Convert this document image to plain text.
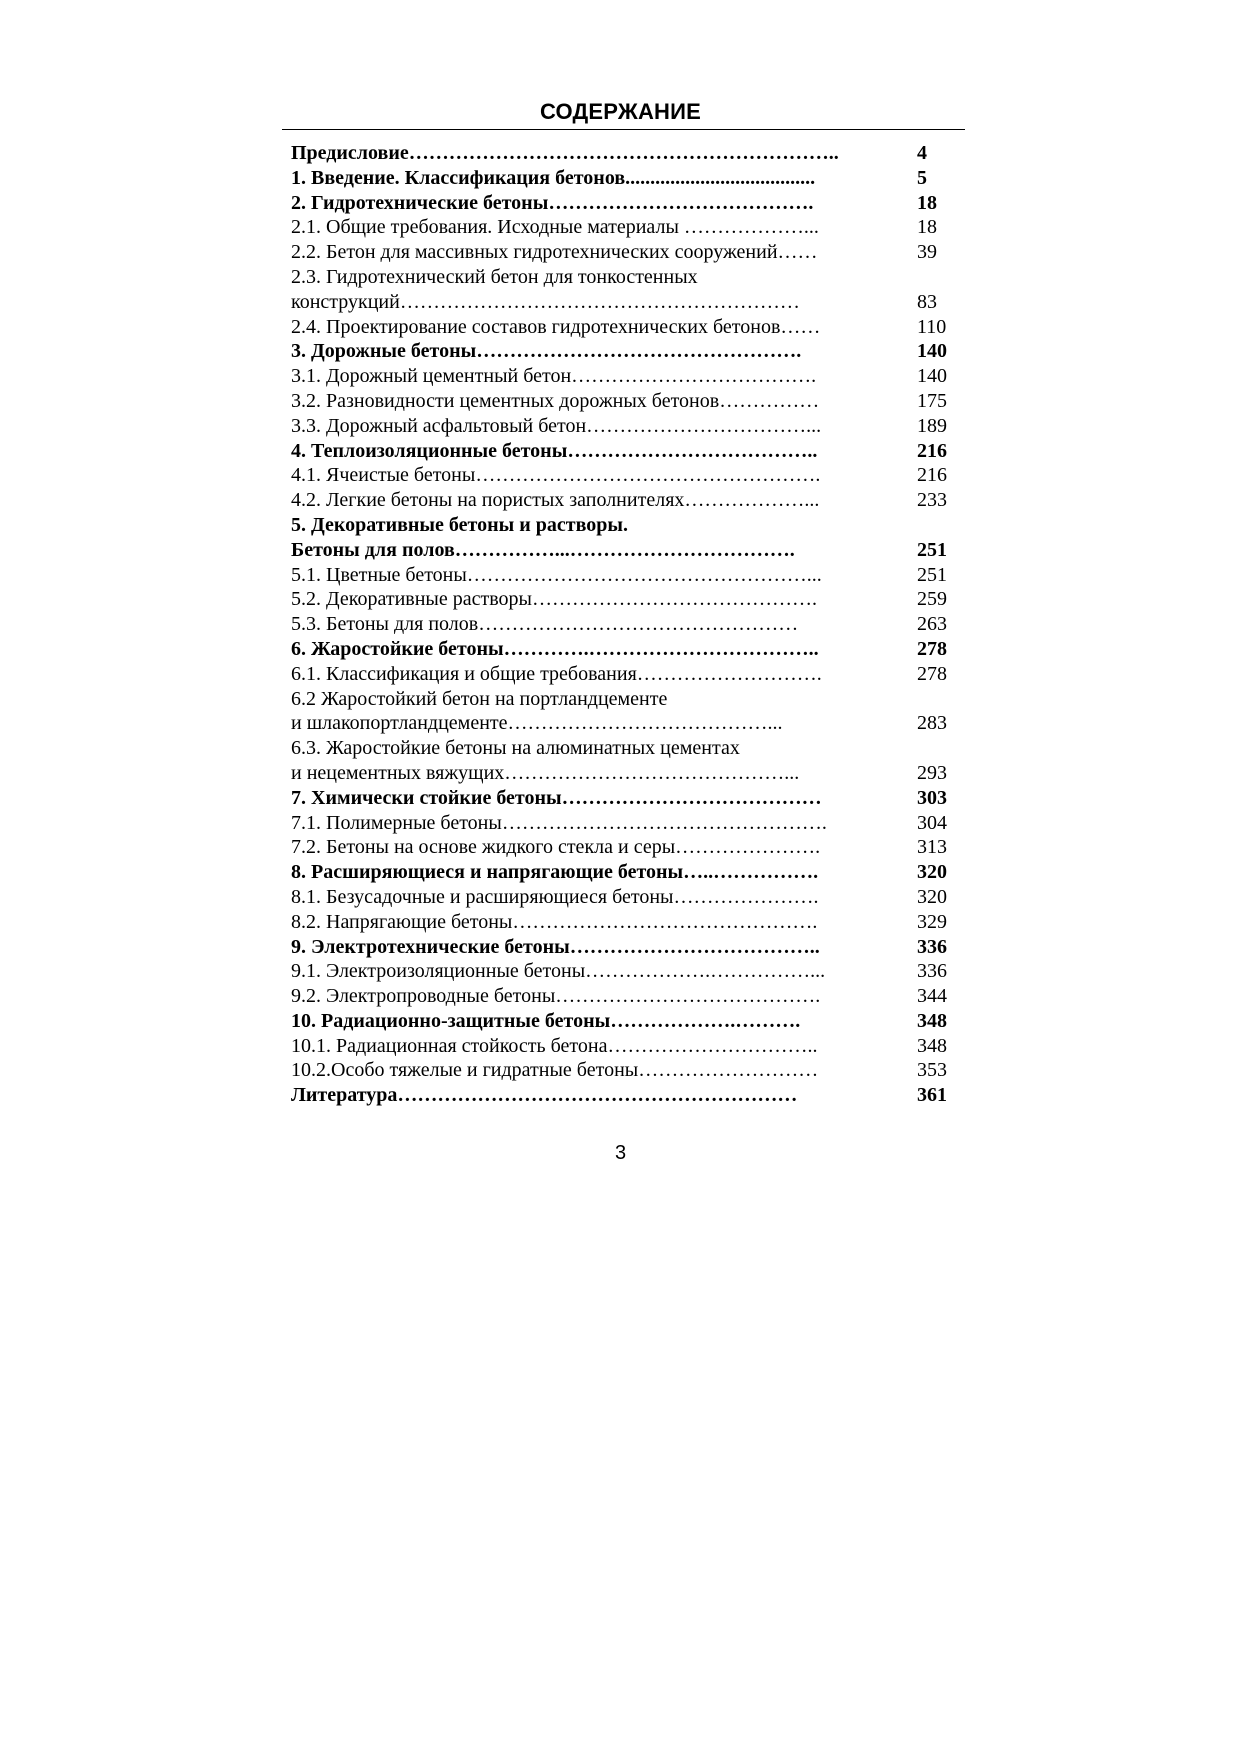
СОДЕРЖАНИЕ
Предисловие………………………………………………………..	4
1. Введение. Классификация бетонов......................................	5
2. Гидротехнические бетоны………………………………….	18
2.1. Общие требования. Исходные материалы ………………...	18
2.2. Бетон для массивных гидротехнических сооружений……	39
2.3. Гидротехнический бетон для тонкостенных
конструкций……………………………………………………	83
2.4. Проектирование составов гидротехнических бетонов……	110
3. Дорожные бетоны………………………………………….	140
3.1. Дорожный цементный бетон……………………………….	140
3.2. Разновидности цементных дорожных бетонов……………	175
3.3. Дорожный асфальтовый бетон……………………………...	189
4. Теплоизоляционные бетоны………………………………..	216
4.1. Ячеистые бетоны…………………………………………….	216
4.2. Легкие бетоны на пористых заполнителях………………...	233
5. Декоративные бетоны и растворы.
Бетоны для полов……………...…………………………….	251
5.1. Цветные бетоны……………………………………………...	251
5.2. Декоративные растворы…………………………………….	259
5.3. Бетоны для полов…………………………………………	263
6. Жаростойкие бетоны………….……………………………..	278
6.1. Классификация и общие требования……………………….	278
6.2 Жаростойкий бетон на портландцементе
и шлакопортландцементе…………………………………...	283
6.3. Жаростойкие бетоны на алюминатных цементах
и нецементных вяжущих……………………………………...	293
7. Химически стойкие бетоны…………………………………	303
7.1. Полимерные бетоны………………………………………….	304
7.2. Бетоны на основе жидкого стекла и серы………………….	313
8. Расширяющиеся и напрягающие бетоны…..…………….	320
8.1. Безусадочные и расширяющиеся бетоны………………….	320
8.2. Напрягающие бетоны……………………………………….	329
9. Электротехнические бетоны………………………………..	336
9.1. Электроизоляционные бетоны……………….……………...	336
9.2. Электропроводные бетоны………………………………….	344
10. Радиационно-защитные бетоны……………….……….	348
10.1. Радиационная стойкость бетона…………………………..	348
10.2.Особо тяжелые и гидратные бетоны………………………	353
Литература……………………………………………………	361
3
